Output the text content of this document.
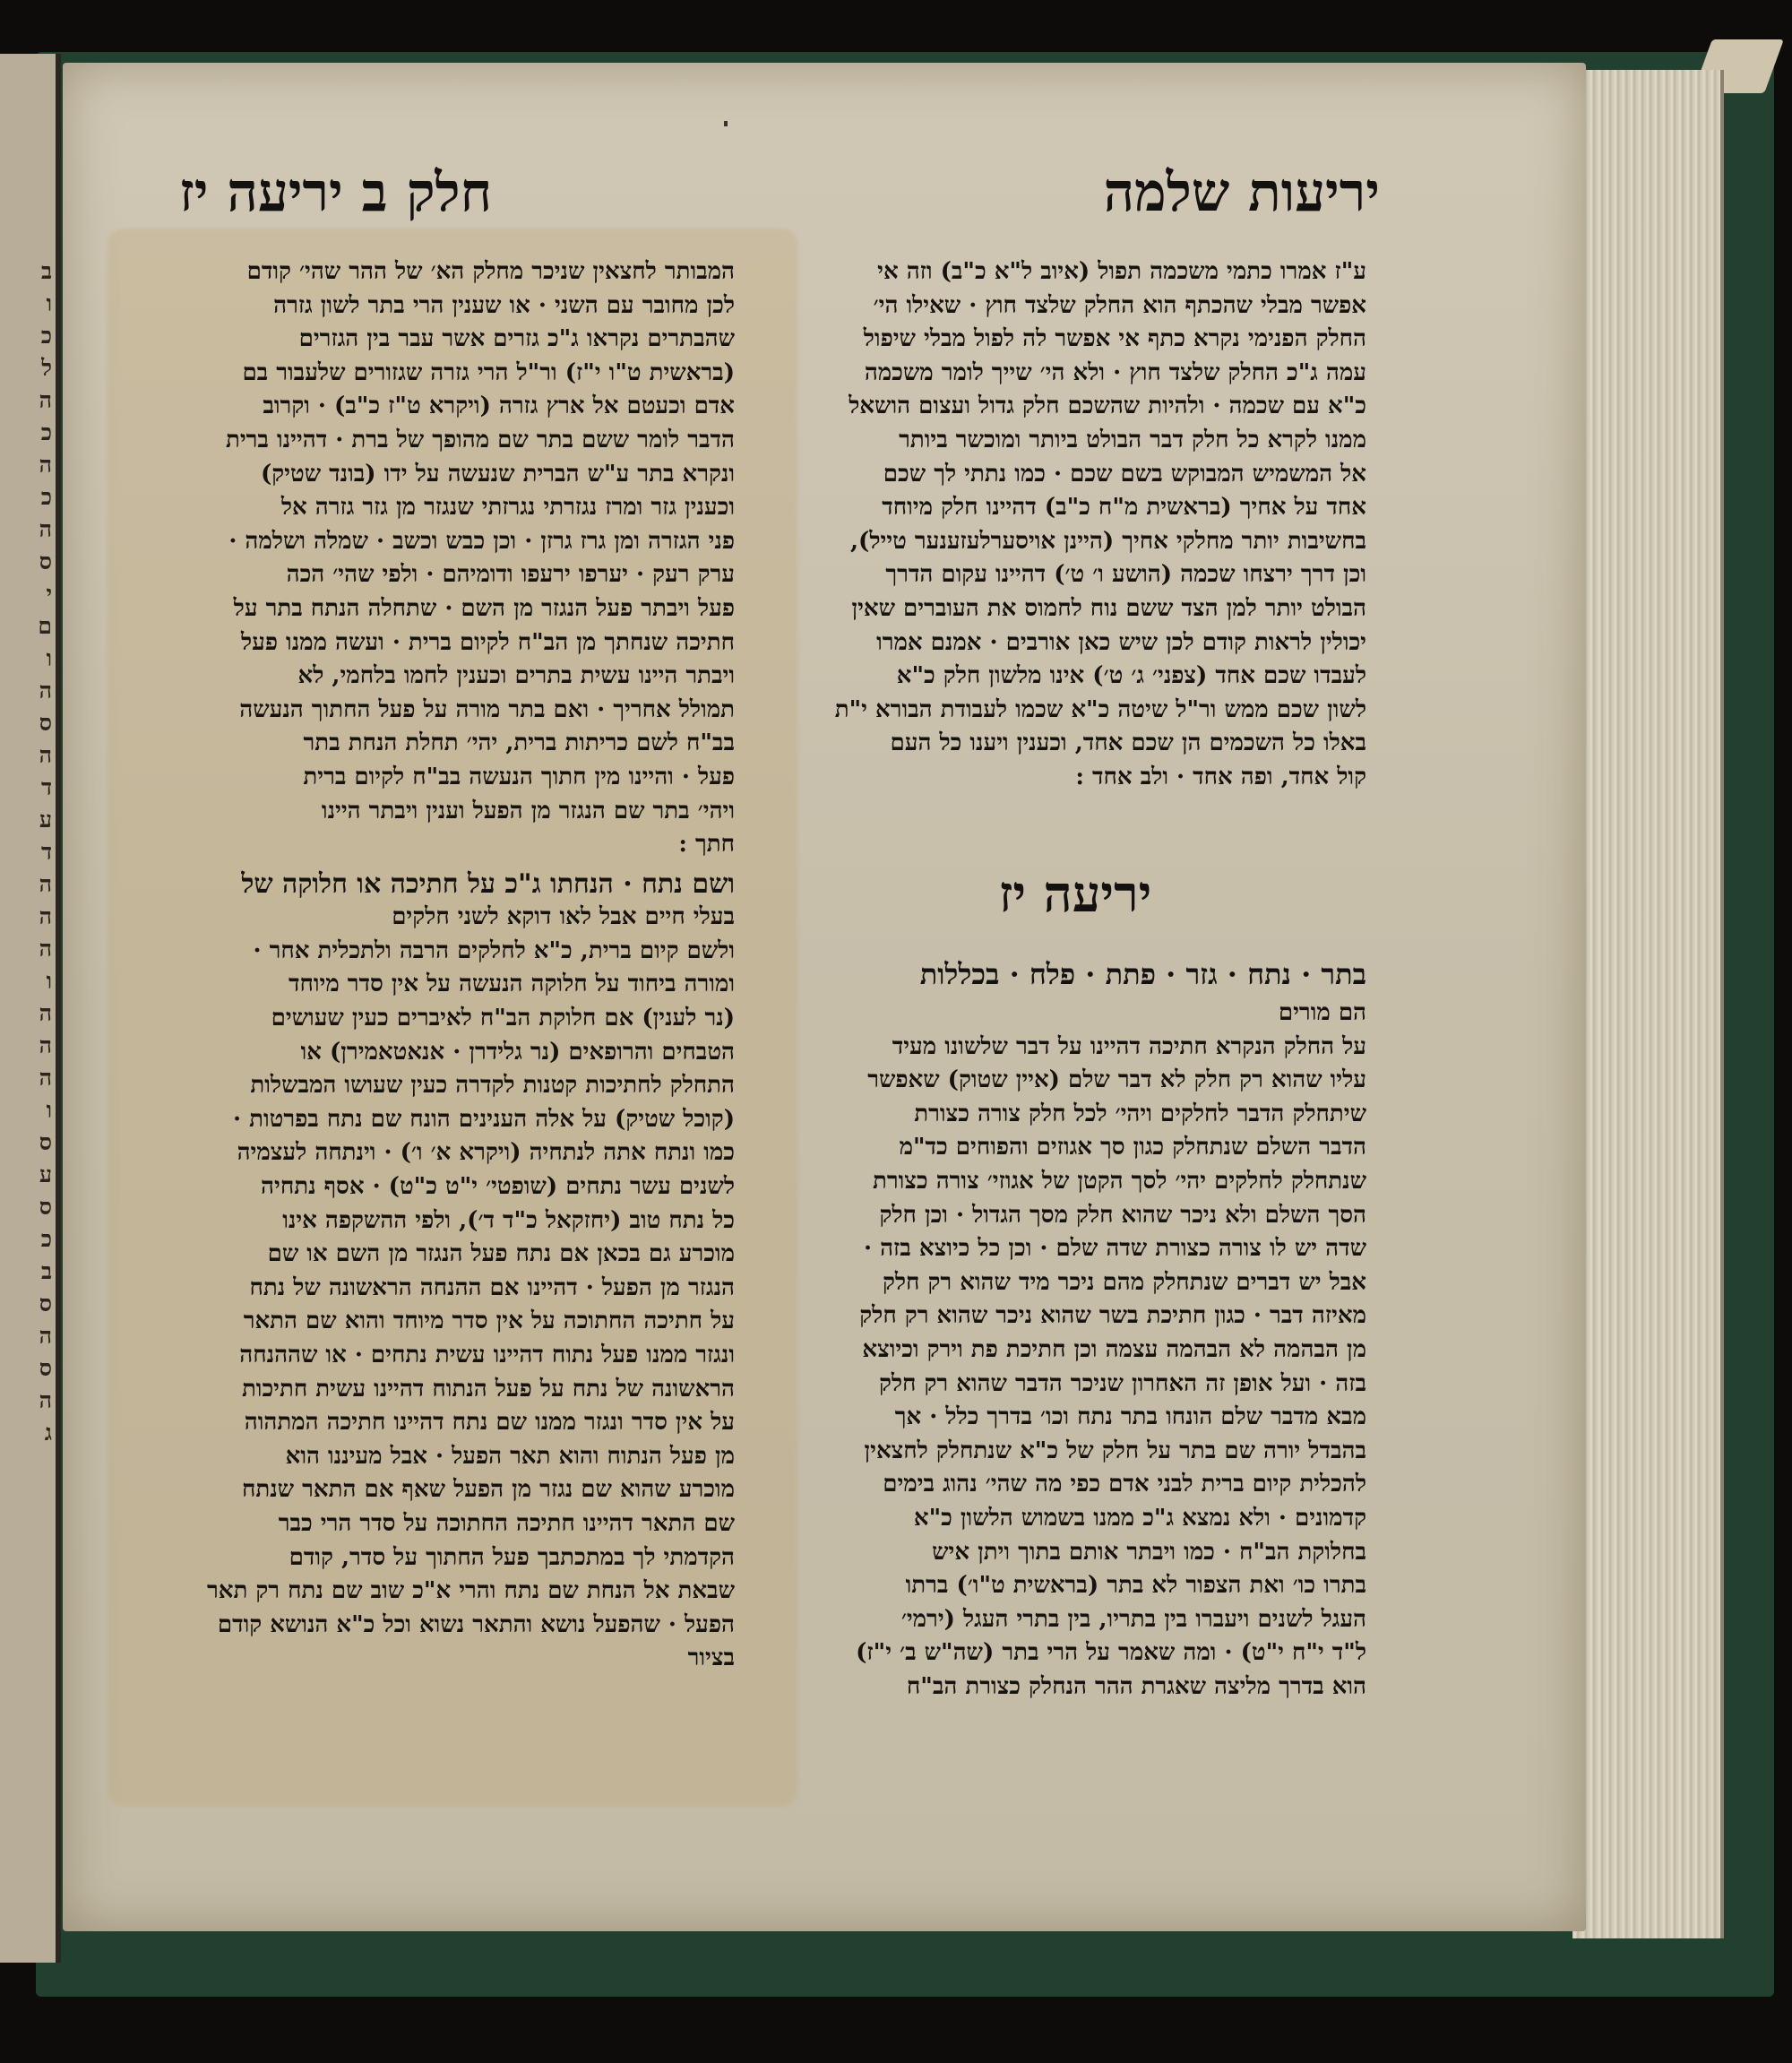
ב
ו
כ
ל
ה
כ
ה
כ
ה
ס
י
ם
ו
ה
ס
ה
ד
ע
ד
ה
ה
ה
ו
ה
ה
ה
ו
ס
ע
ס
כ
ב
ס
ה
ס
ה
ג
יריעות שלמה
חלק ב יריעה יז

ע"ז אמרו כתמי משכמה תפול (איוב ל"א כ"ב) וזה אי

אפשר מבלי שהכתף הוא החלק שלצד חוץ · שאילו הי׳

החלק הפנימי נקרא כתף אי אפשר לה לפול מבלי שיפול

עמה ג"כ החלק שלצד חוץ · ולא הי׳ שייך לומר משכמה

כ"א עם שכמה · ולהיות שהשכם חלק גדול ועצום הושאל

ממנו לקרא כל חלק דבר הבולט ביותר ומוכשר ביותר

אל המשמיש המבוקש בשם שכם · כמו נתתי לך שכם

אחד על אחיך (בראשית מ"ח כ"ב) דהיינו חלק מיוחד

בחשיבות יותר מחלקי אחיך (היינן אויסערלעזענער טייל),

וכן דרך ירצחו שכמה (הושע ו׳ ט׳) דהיינו עקום הדרך

הבולט יותר למן הצד ששם נוח לחמוס את העוברים שאין

יכולין לראות קודם לכן שיש כאן אורבים · אמנם אמרו

לעבדו שכם אחד (צפני׳ ג׳ ט׳) אינו מלשון חלק כ"א

לשון שכם ממש ור"ל שיטה כ"א שכמו לעבודת הבורא י"ת

באלו כל השכמים הן שכם אחד, וכענין ויענו כל העם

קול אחד, ופה אחד · ולב אחד :

יריעה יז
בתר · נתח · גזר · פתת · פלח · בכללות

הם מורים

על החלק הנקרא חתיכה דהיינו על דבר שלשונו מעיד

עליו שהוא רק חלק לא דבר שלם (איין שטוק) שאפשר

שיתחלק הדבר לחלקים ויהי׳ לכל חלק צורה כצורת

הדבר השלם שנתחלק כגון סך אגוזים והפוחים כד"מ

שנתחלק לחלקים יהי׳ לסך הקטן של אגוזי׳ צורה כצורת

הסך השלם ולא ניכר שהוא חלק מסך הגדול · וכן חלק

שדה יש לו צורה כצורת שדה שלם · וכן כל כיוצא בזה ·

אבל יש דברים שנתחלק מהם ניכר מיד שהוא רק חלק

מאיזה דבר · כגון חתיכת בשר שהוא ניכר שהוא רק חלק

מן הבהמה לא הבהמה עצמה וכן חתיכת פת וירק וכיוצא

בזה · ועל אופן זה האחרון שניכר הדבר שהוא רק חלק

מבא מדבר שלם הונחו בתר נתח וכו׳ בדרך כלל · אך

בהבדל יורה שם בתר על חלק של כ"א שנתחלק לחצאין

להכלית קיום ברית לבני אדם כפי מה שהי׳ נהוג בימים

קדמונים · ולא נמצא ג"כ ממנו בשמוש הלשון כ"א

בחלוקת הב"ח · כמו ויבתר אותם בתוך ויתן איש

בתרו כו׳ ואת הצפור לא בתר (בראשית ט"ו׳) ברתו

העגל לשנים ויעברו בין בתריו, בין בתרי העגל (ירמי׳

ל"ד י"ח י"ט) · ומה שאמר על הרי בתר (שה"ש ב׳ י"ז)

הוא בדרך מליצה שאגרת ההר הנחלק כצורת הב"ח

המבותר לחצאין שניכר מחלק הא׳ של ההר שהי׳ קודם

לכן מחובר עם השני · או שענין הרי בתר לשון גזרה

שהבתרים נקראו ג"כ גזרים אשר עבר בין הגזרים

(בראשית ט"ו י"ז) ור"ל הרי גזרה שגזורים שלעבור בם

אדם וכעטם אל ארץ גזרה (ויקרא ט"ז כ"ב) · וקרוב

הדבר לומר ששם בתר שם מהופך של ברת · דהיינו ברית

ונקרא בתר ע"ש הברית שנעשה על ידו (בונד שטיק)

וכענין גזר ומרז נגזרתי נגרזתי שנגזר מן גזר גזרה אל

פני הגזרה ומן גרז גרזן · וכן כבש וכשב · שמלה ושלמה ·

ערק רעק · יערפו ירעפו ודומיהם · ולפי שהי׳ הכה

פעל ויבתר פעל הנגזר מן השם · שתחלה הנתח בתר על

חתיכה שנחתך מן הב"ח לקיום ברית · ועשה ממנו פעל

ויבתר היינו עשית בתרים וכענין לחמו בלחמי, לא

תמולל אחריך · ואם בתר מורה על פעל החתוך הנעשה

בב"ח לשם כריתות ברית, יהי׳ תחלת הנחת בתר

פעל · והיינו מין חתוך הנעשה בב"ח לקיום ברית

ויהי׳ בתר שם הנגזר מן הפעל וענין ויבתר היינו

חתך :

ושם נתח · הנחתו ג"כ על חתיכה או חלוקה של

בעלי חיים אבל לאו דוקא לשני חלקים

ולשם קיום ברית, כ"א לחלקים הרבה ולתכלית אחר ·

ומורה ביחוד על חלוקה הנעשה על אין סדר מיוחד

(נר לענין) אם חלוקת הב"ח לאיברים כעין שעושים

הטבחים והרופאים (נר גלידרן · אנאטאמירן) או

התחלק לחתיכות קטנות לקדרה כעין שעושו המבשלות

(קוכל שטיק) על אלה הענינים הונח שם נתח בפרטות ·

כמו ונתח אתה לנתחיה (ויקרא א׳ ו׳) · וינתחה לעצמיה

לשנים עשר נתחים (שופטי׳ י"ט כ"ט) · אסף נתחיה

כל נתח טוב (יחזקאל כ"ד ד׳), ולפי ההשקפה אינו

מוכרע גם בכאן אם נתח פעל הנגזר מן השם או שם

הנגזר מן הפעל · דהיינו אם ההנחה הראשונה של נתח

על חתיכה החתוכה על אין סדר מיוחד והוא שם התאר

ונגזר ממנו פעל נתוח דהיינו עשית נתחים · או שההנחה

הראשונה של נתח על פעל הנתוח דהיינו עשית חתיכות

על אין סדר ונגזר ממנו שם נתח דהיינו חתיכה המתהוה

מן פעל הנתוח והוא תאר הפעל · אבל מעיננו הוא

מוכרע שהוא שם נגזר מן הפעל שאף אם התאר שנתח

שם התאר דהיינו חתיכה החתוכה על סדר הרי כבר

הקדמתי לך במתכתבך פעל החתוך על סדר, קודם

שבאת אל הנחת שם נתח והרי א"כ שוב שם נתח רק תאר

הפעל · שהפעל נושא והתאר נשוא וכל כ"א הנושא קודם

בציור
